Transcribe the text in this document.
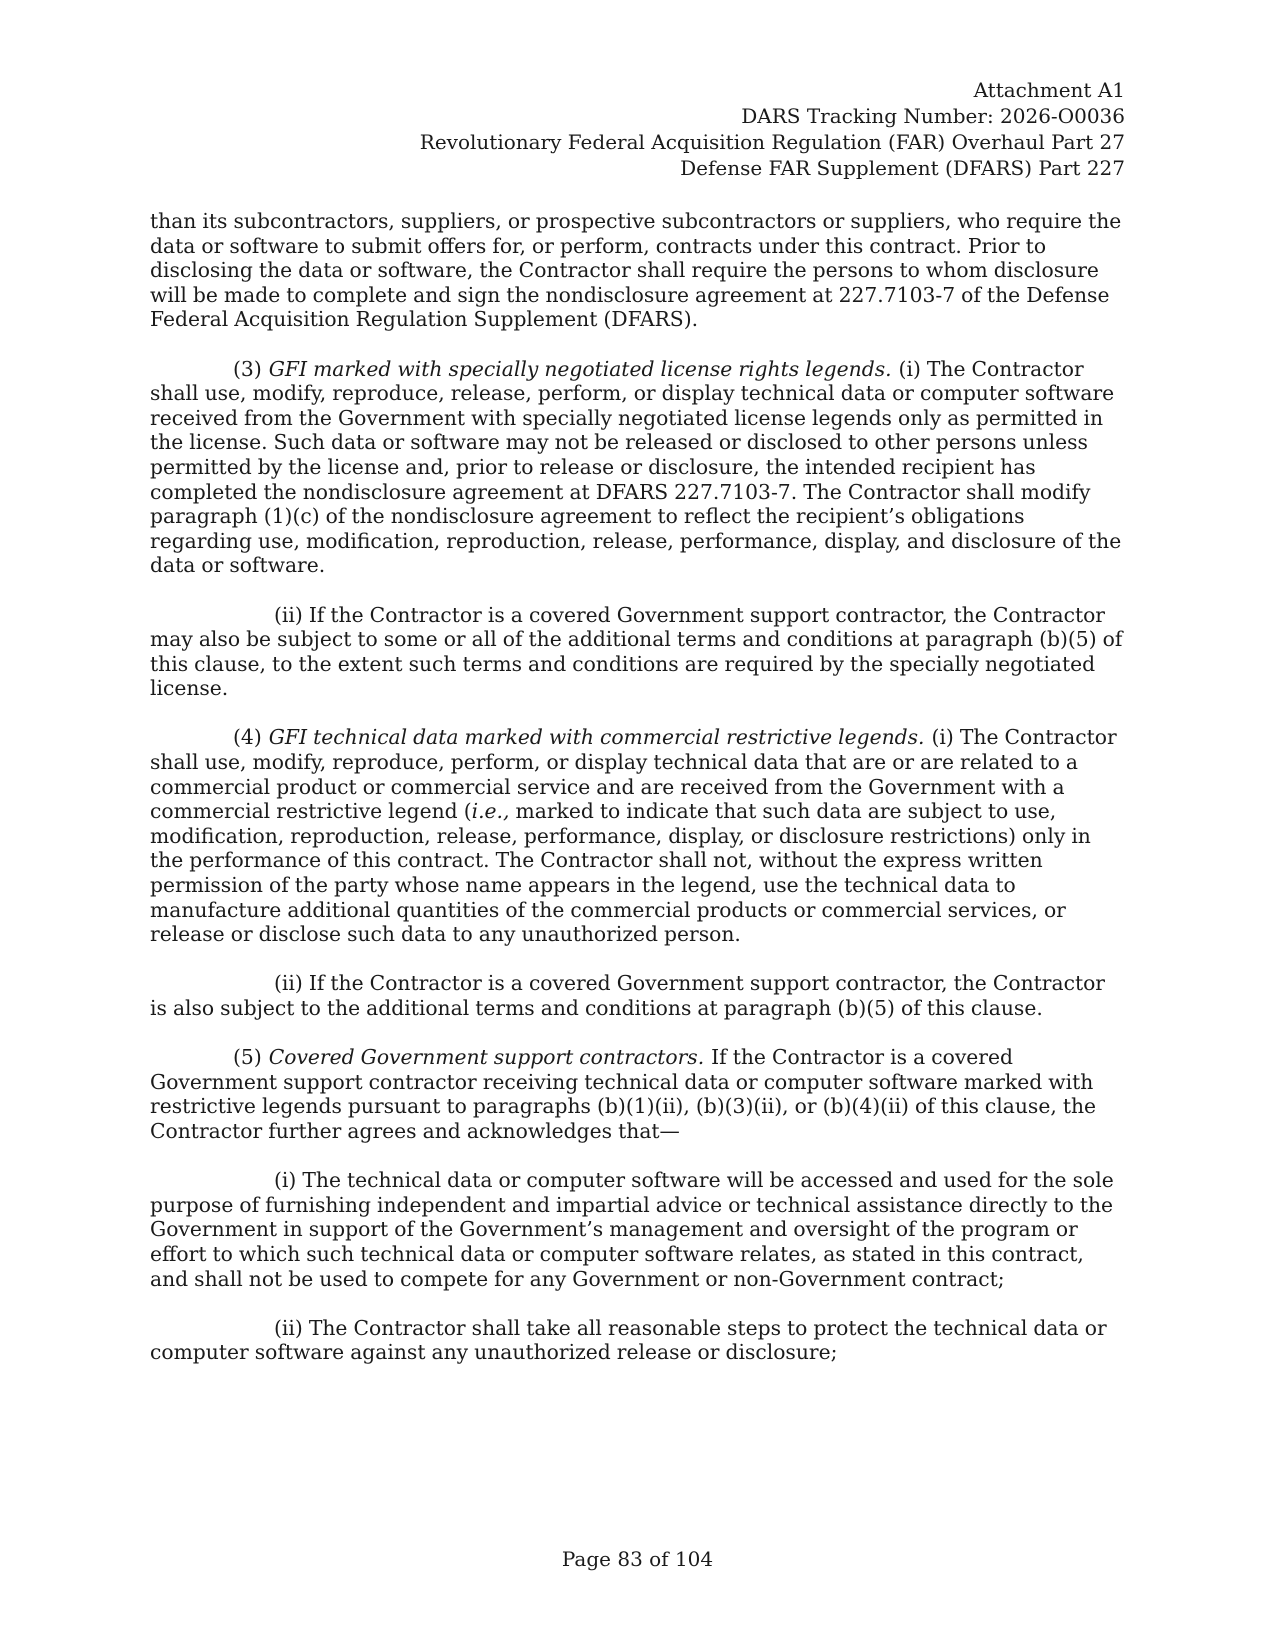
Attachment A1
DARS Tracking Number: 2026-O0036
Revolutionary Federal Acquisition Regulation (FAR) Overhaul Part 27
Defense FAR Supplement (DFARS) Part 227

than its subcontractors, suppliers, or prospective subcontractors or suppliers, who require the data or software to submit offers for, or perform, contracts under this contract. Prior to disclosing the data or software, the Contractor shall require the persons to whom disclosure will be made to complete and sign the nondisclosure agreement at 227.7103-7 of the Defense Federal Acquisition Regulation Supplement (DFARS).

(3) GFI marked with specially negotiated license rights legends. (i) The Contractor shall use, modify, reproduce, release, perform, or display technical data or computer software received from the Government with specially negotiated license legends only as permitted in the license. Such data or software may not be released or disclosed to other persons unless permitted by the license and, prior to release or disclosure, the intended recipient has completed the nondisclosure agreement at DFARS 227.7103-7. The Contractor shall modify paragraph (1)(c) of the nondisclosure agreement to reflect the recipient’s obligations regarding use, modification, reproduction, release, performance, display, and disclosure of the data or software.

(ii) If the Contractor is a covered Government support contractor, the Contractor may also be subject to some or all of the additional terms and conditions at paragraph (b)(5) of this clause, to the extent such terms and conditions are required by the specially negotiated license.

(4) GFI technical data marked with commercial restrictive legends. (i) The Contractor shall use, modify, reproduce, perform, or display technical data that are or are related to a commercial product or commercial service and are received from the Government with a commercial restrictive legend (i.e., marked to indicate that such data are subject to use, modification, reproduction, release, performance, display, or disclosure restrictions) only in the performance of this contract. The Contractor shall not, without the express written permission of the party whose name appears in the legend, use the technical data to manufacture additional quantities of the commercial products or commercial services, or release or disclose such data to any unauthorized person.

(ii) If the Contractor is a covered Government support contractor, the Contractor is also subject to the additional terms and conditions at paragraph (b)(5) of this clause.

(5) Covered Government support contractors. If the Contractor is a covered Government support contractor receiving technical data or computer software marked with restrictive legends pursuant to paragraphs (b)(1)(ii), (b)(3)(ii), or (b)(4)(ii) of this clause, the Contractor further agrees and acknowledges that—

(i) The technical data or computer software will be accessed and used for the sole purpose of furnishing independent and impartial advice or technical assistance directly to the Government in support of the Government’s management and oversight of the program or effort to which such technical data or computer software relates, as stated in this contract, and shall not be used to compete for any Government or non-Government contract;

(ii) The Contractor shall take all reasonable steps to protect the technical data or computer software against any unauthorized release or disclosure;

Page 83 of 104
